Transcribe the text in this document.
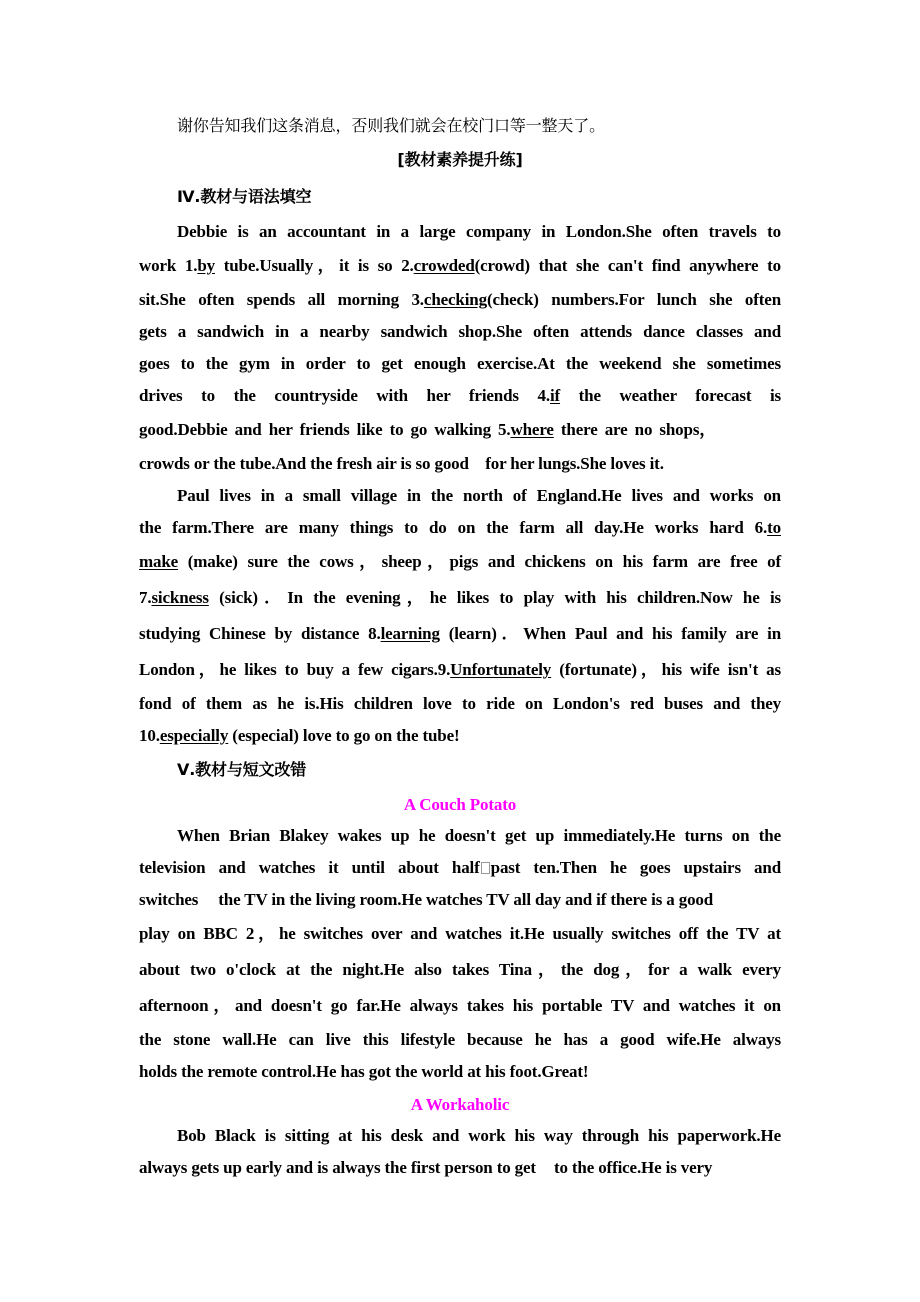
谢你告知我们这条消息，否则我们就会在校门口等一整天了。
[教材素养提升练]
Ⅳ.教材与语法填空
Debbie is an accountant in a large company in London.She often travels to
work 1.by tube.Usually，it is so 2.crowded(crowd) that she can't find anywhere to
sit.She often spends all morning 3.checking(check) numbers.For lunch she often
gets a sandwich in a nearby sandwich shop.She often attends dance classes and
goes to the gym in order to get enough exercise.At the weekend she sometimes
drives to the countryside with her friends 4.if the weather forecast is
good.Debbie and her friends like to go walking 5.where there are no shops，
crowds or the tube.And the fresh air is so good    for her lungs.She loves it.
Paul lives in a small village in the north of England.He lives and works on
the farm.There are many things to do on the farm all day.He works hard 6.to
make (make) sure the cows，sheep，pigs and chickens on his farm are free of
7.sickness (sick)．In the evening，he likes to play with his children.Now he is
studying Chinese by distance 8.learning (learn)．When Paul and his family are in
London，he likes to buy a few cigars.9.Unfortunately (fortunate)，his wife isn't as
fond of them as he is.His children love to ride on London's red buses and they
10.especially (especial) love to go on the tube!
Ⅴ.教材与短文改错
A Couch Potato
When Brian Blakey wakes up he doesn't get up immediately.He turns on the
television and watches it until about half past ten.Then he goes upstairs and
switches the TV in the living room.He watches TV all day and if there is a good
play on BBC 2，he switches over and watches it.He usually switches off the TV at
about two o'clock at the night.He also takes Tina，the dog，for a walk every
afternoon，and doesn't go far.He always takes his portable TV and watches it on
the stone wall.He can live this lifestyle because he has a good wife.He always
holds the remote control.He has got the world at his foot.Great!
A Workaholic
Bob Black is sitting at his desk and work his way through his paperwork.He
always gets up early and is always the first person to get to the office.He is very
